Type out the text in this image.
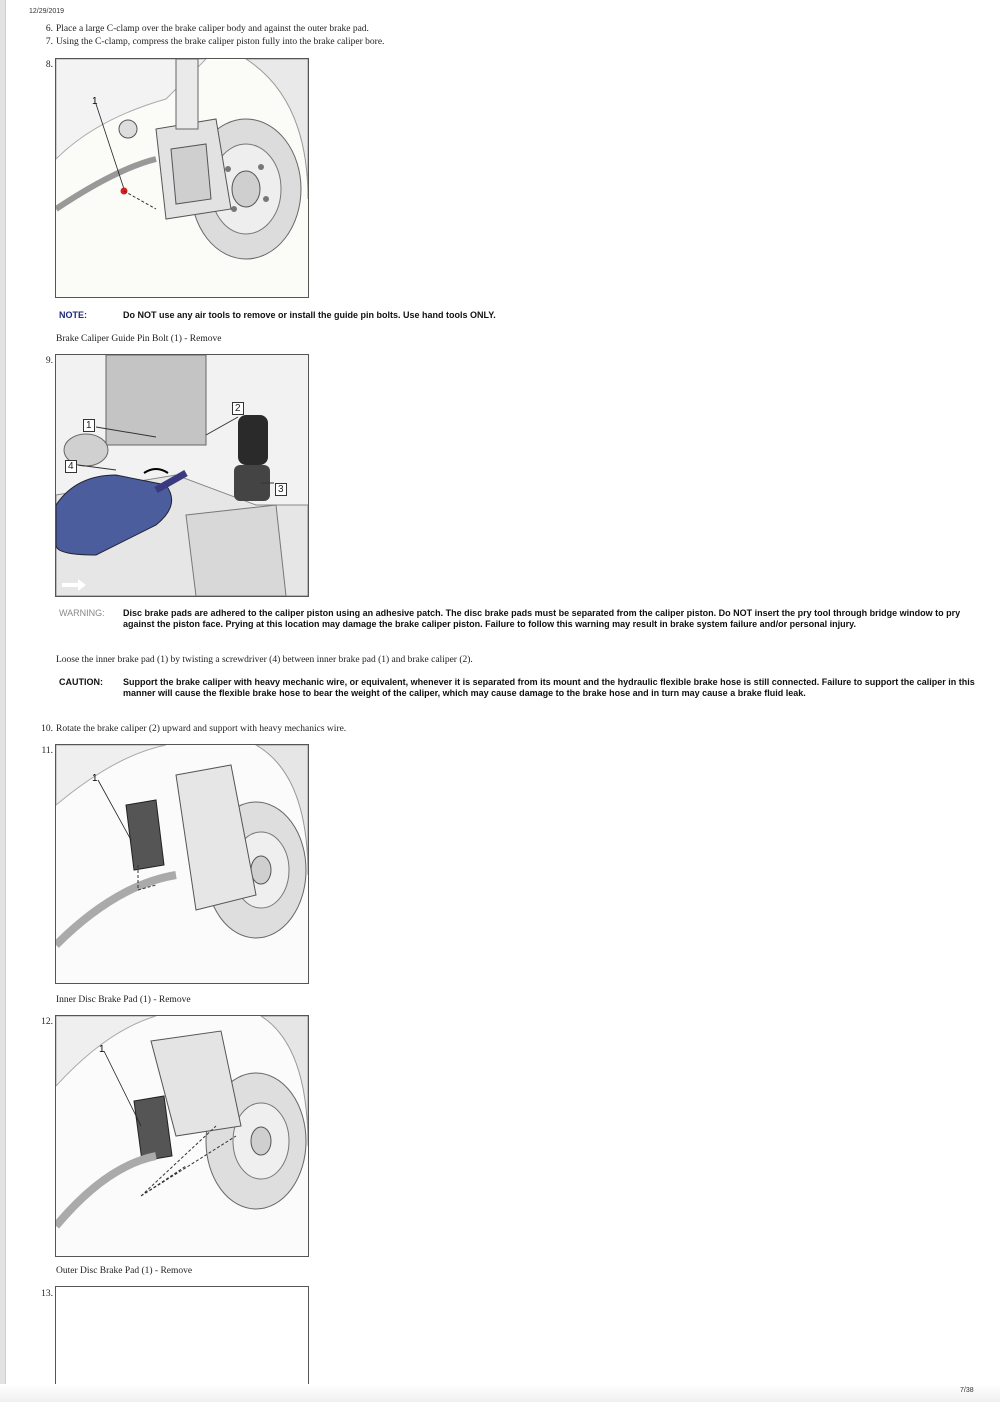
12/29/2019
6. Place a large C-clamp over the brake caliper body and against the outer brake pad.
7. Using the C-clamp, compress the brake caliper piston fully into the brake caliper bore.
8.
1
NOTE:	Do NOT use any air tools to remove or install the guide pin bolts. Use hand tools ONLY.
Brake Caliper Guide Pin Bolt (1) - Remove
9.
1
2
3
4
WARNING: Disc brake pads are adhered to the caliper piston using an adhesive patch. The disc brake pads must be separated from the caliper piston. Do NOT insert the pry tool through bridge window to pry against the piston face. Prying at this location may damage the brake caliper piston. Failure to follow this warning may result in brake system failure and/or personal injury.
Loose the inner brake pad (1) by twisting a screwdriver (4) between inner brake pad (1) and brake caliper (2).
CAUTION: Support the brake caliper with heavy mechanic wire, or equivalent, whenever it is separated from its mount and the hydraulic flexible brake hose is still connected. Failure to support the caliper in this manner will cause the flexible brake hose to bear the weight of the caliper, which may cause damage to the brake hose and in turn may cause a brake fluid leak.
10. Rotate the brake caliper (2) upward and support with heavy mechanics wire.
11.
1
Inner Disc Brake Pad (1) - Remove
12.
1
Outer Disc Brake Pad (1) - Remove
13.
7/38
